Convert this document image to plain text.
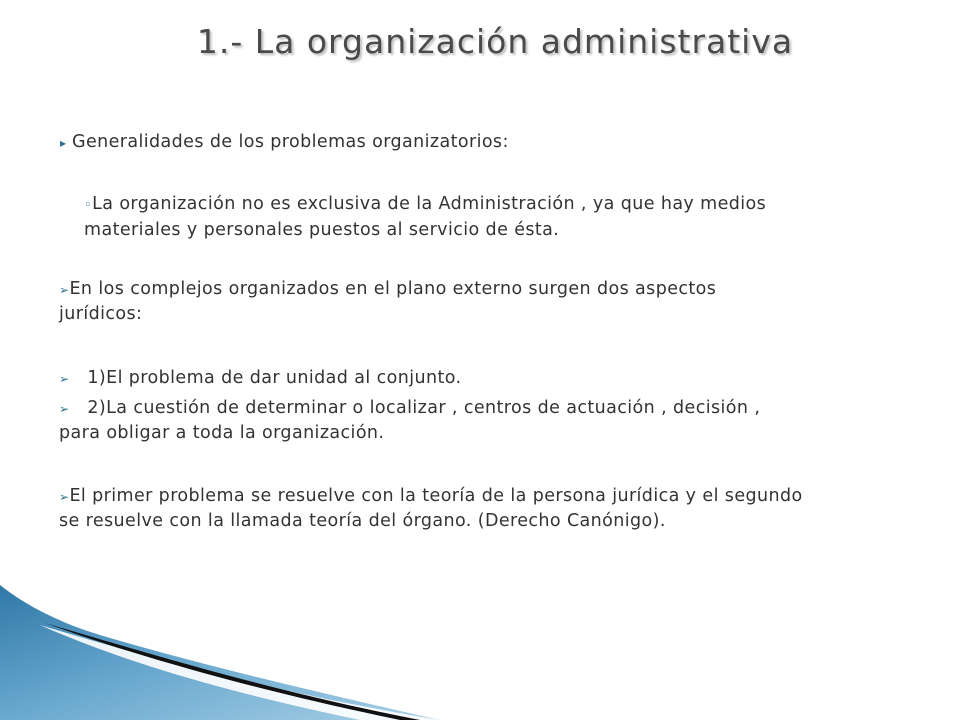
1.- La organización administrativa
▸ Generalidades de los problemas organizatorios:
◦La organización no es exclusiva de la Administración , ya que hay medios
materiales y personales puestos al servicio de ésta.
➢En los complejos organizados en el plano externo surgen dos aspectos
jurídicos:
➢ 1)El problema de dar unidad al conjunto.
➢ 2)La cuestión de determinar o localizar , centros de actuación , decisión ,
para obligar a toda la organización.
➢El primer problema se resuelve con la teoría de la persona jurídica y el segundo
se resuelve con la llamada teoría del órgano. (Derecho Canónigo).
